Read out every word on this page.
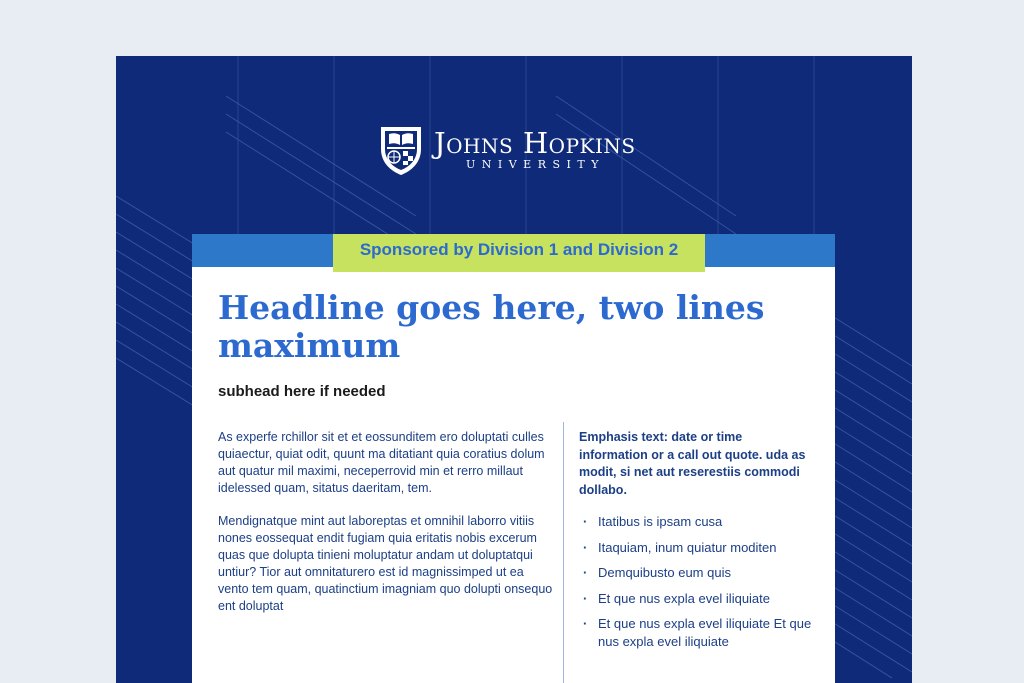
Johns Hopkins
UNIVERSITY
Sponsored by Division 1 and Division 2
Headline goes here, two lines maximum
subhead here if needed

As experfe rchillor sit et et eossunditem ero doluptati culles quiaectur, quiat odit, quunt ma ditatiant quia coratius dolum aut quatur mil maximi, neceperrovid min et rerro millaut idelessed quam, sitatus daeritam, tem.

Mendignatque mint aut laboreptas et omnihil laborro vitiis nones eossequat endit fugiam quia eritatis nobis excerum quas que dolupta tinieni moluptatur andam ut doluptatqui untiur? Tior aut omnitaturero est id magnissimped ut ea vento tem quam, quatinctium imagniam quo dolupti onsequo ent doluptat

Emphasis text: date or time information or a call out quote. uda as modit, si net aut reserestiis commodi dollabo.

· Itatibus is ipsam cusa
· Itaquiam, inum quiatur moditen
· Demquibusto eum quis
· Et que nus expla evel iliquiate
· Et que nus expla evel iliquiate Et que nus expla evel iliquiate
